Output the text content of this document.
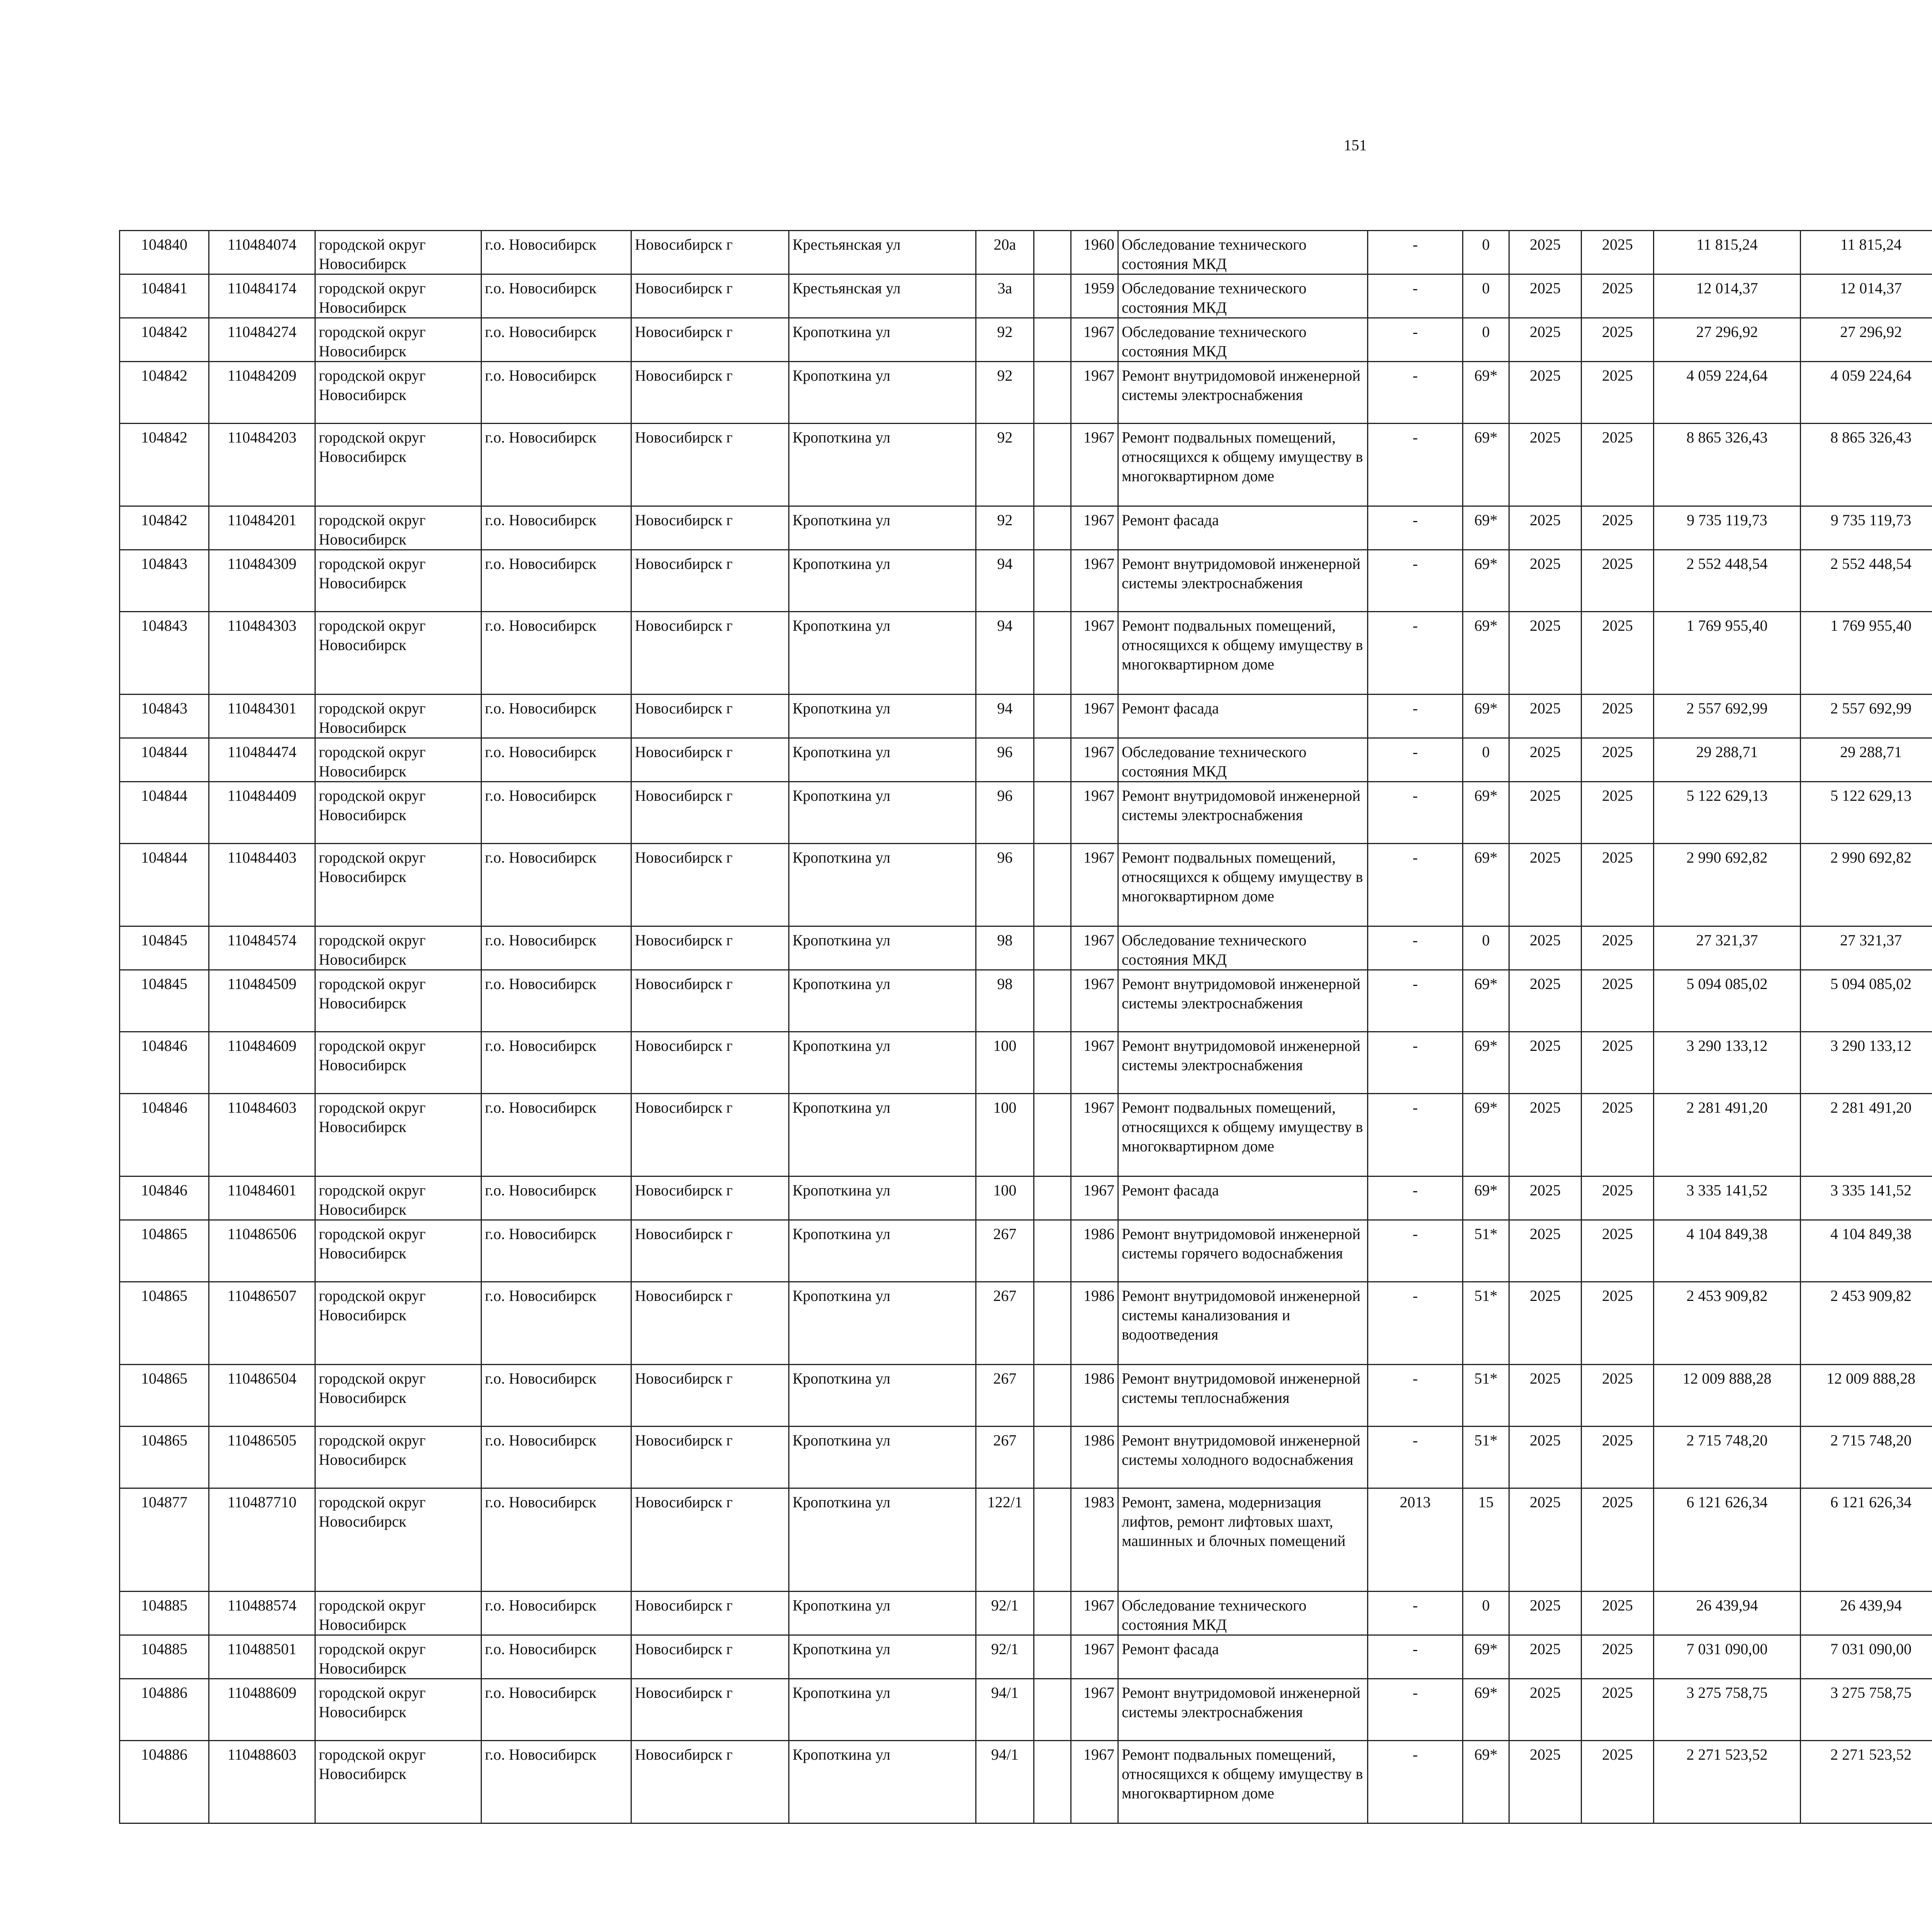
151
104840	110484074	городской округ Новосибирск	г.о. Новосибирск	Новосибирск г	Крестьянская ул	20а		1960	Обследование технического состояния МКД	-	0	2025	2025	11 815,24	11 815,24						
104841	110484174	городской округ Новосибирск	г.о. Новосибирск	Новосибирск г	Крестьянская ул	3а		1959	Обследование технического состояния МКД	-	0	2025	2025	12 014,37	12 014,37						
104842	110484274	городской округ Новосибирск	г.о. Новосибирск	Новосибирск г	Кропоткина ул	92		1967	Обследование технического состояния МКД	-	0	2025	2025	27 296,92	27 296,92						
104842	110484209	городской округ Новосибирск	г.о. Новосибирск	Новосибирск г	Кропоткина ул	92		1967	Ремонт внутридомовой инженерной системы электроснабжения	-	69*	2025	2025	4 059 224,64	4 059 224,64						
104842	110484203	городской округ Новосибирск	г.о. Новосибирск	Новосибирск г	Кропоткина ул	92		1967	Ремонт подвальных помещений, относящихся к общему имуществу в многоквартирном доме	-	69*	2025	2025	8 865 326,43	8 865 326,43						
104842	110484201	городской округ Новосибирск	г.о. Новосибирск	Новосибирск г	Кропоткина ул	92		1967	Ремонт фасада	-	69*	2025	2025	9 735 119,73	9 735 119,73						
104843	110484309	городской округ Новосибирск	г.о. Новосибирск	Новосибирск г	Кропоткина ул	94		1967	Ремонт внутридомовой инженерной системы электроснабжения	-	69*	2025	2025	2 552 448,54	2 552 448,54						
104843	110484303	городской округ Новосибирск	г.о. Новосибирск	Новосибирск г	Кропоткина ул	94		1967	Ремонт подвальных помещений, относящихся к общему имуществу в многоквартирном доме	-	69*	2025	2025	1 769 955,40	1 769 955,40						
104843	110484301	городской округ Новосибирск	г.о. Новосибирск	Новосибирск г	Кропоткина ул	94		1967	Ремонт фасада	-	69*	2025	2025	2 557 692,99	2 557 692,99						
104844	110484474	городской округ Новосибирск	г.о. Новосибирск	Новосибирск г	Кропоткина ул	96		1967	Обследование технического состояния МКД	-	0	2025	2025	29 288,71	29 288,71						
104844	110484409	городской округ Новосибирск	г.о. Новосибирск	Новосибирск г	Кропоткина ул	96		1967	Ремонт внутридомовой инженерной системы электроснабжения	-	69*	2025	2025	5 122 629,13	5 122 629,13						
104844	110484403	городской округ Новосибирск	г.о. Новосибирск	Новосибирск г	Кропоткина ул	96		1967	Ремонт подвальных помещений, относящихся к общему имуществу в многоквартирном доме	-	69*	2025	2025	2 990 692,82	2 990 692,82						
104845	110484574	городской округ Новосибирск	г.о. Новосибирск	Новосибирск г	Кропоткина ул	98		1967	Обследование технического состояния МКД	-	0	2025	2025	27 321,37	27 321,37						
104845	110484509	городской округ Новосибирск	г.о. Новосибирск	Новосибирск г	Кропоткина ул	98		1967	Ремонт внутридомовой инженерной системы электроснабжения	-	69*	2025	2025	5 094 085,02	5 094 085,02						
104846	110484609	городской округ Новосибирск	г.о. Новосибирск	Новосибирск г	Кропоткина ул	100		1967	Ремонт внутридомовой инженерной системы электроснабжения	-	69*	2025	2025	3 290 133,12	3 290 133,12						
104846	110484603	городской округ Новосибирск	г.о. Новосибирск	Новосибирск г	Кропоткина ул	100		1967	Ремонт подвальных помещений, относящихся к общему имуществу в многоквартирном доме	-	69*	2025	2025	2 281 491,20	2 281 491,20						
104846	110484601	городской округ Новосибирск	г.о. Новосибирск	Новосибирск г	Кропоткина ул	100		1967	Ремонт фасада	-	69*	2025	2025	3 335 141,52	3 335 141,52						
104865	110486506	городской округ Новосибирск	г.о. Новосибирск	Новосибирск г	Кропоткина ул	267		1986	Ремонт внутридомовой инженерной системы горячего водоснабжения	-	51*	2025	2025	4 104 849,38	4 104 849,38						
104865	110486507	городской округ Новосибирск	г.о. Новосибирск	Новосибирск г	Кропоткина ул	267		1986	Ремонт внутридомовой инженерной системы канализования и водоотведения	-	51*	2025	2025	2 453 909,82	2 453 909,82						
104865	110486504	городской округ Новосибирск	г.о. Новосибирск	Новосибирск г	Кропоткина ул	267		1986	Ремонт внутридомовой инженерной системы теплоснабжения	-	51*	2025	2025	12 009 888,28	12 009 888,28						
104865	110486505	городской округ Новосибирск	г.о. Новосибирск	Новосибирск г	Кропоткина ул	267		1986	Ремонт внутридомовой инженерной системы холодного водоснабжения	-	51*	2025	2025	2 715 748,20	2 715 748,20						
104877	110487710	городской округ Новосибирск	г.о. Новосибирск	Новосибирск г	Кропоткина ул	122/1		1983	Ремонт, замена, модернизация лифтов, ремонт лифтовых шахт, машинных и блочных помещений	2013	15	2025	2025	6 121 626,34	6 121 626,34						
104885	110488574	городской округ Новосибирск	г.о. Новосибирск	Новосибирск г	Кропоткина ул	92/1		1967	Обследование технического состояния МКД	-	0	2025	2025	26 439,94	26 439,94						
104885	110488501	городской округ Новосибирск	г.о. Новосибирск	Новосибирск г	Кропоткина ул	92/1		1967	Ремонт фасада	-	69*	2025	2025	7 031 090,00	7 031 090,00						
104886	110488609	городской округ Новосибирск	г.о. Новосибирск	Новосибирск г	Кропоткина ул	94/1		1967	Ремонт внутридомовой инженерной системы электроснабжения	-	69*	2025	2025	3 275 758,75	3 275 758,75						
104886	110488603	городской округ Новосибирск	г.о. Новосибирск	Новосибирск г	Кропоткина ул	94/1		1967	Ремонт подвальных помещений, относящихся к общему имуществу в многоквартирном доме	-	69*	2025	2025	2 271 523,52	2 271 523,52						
